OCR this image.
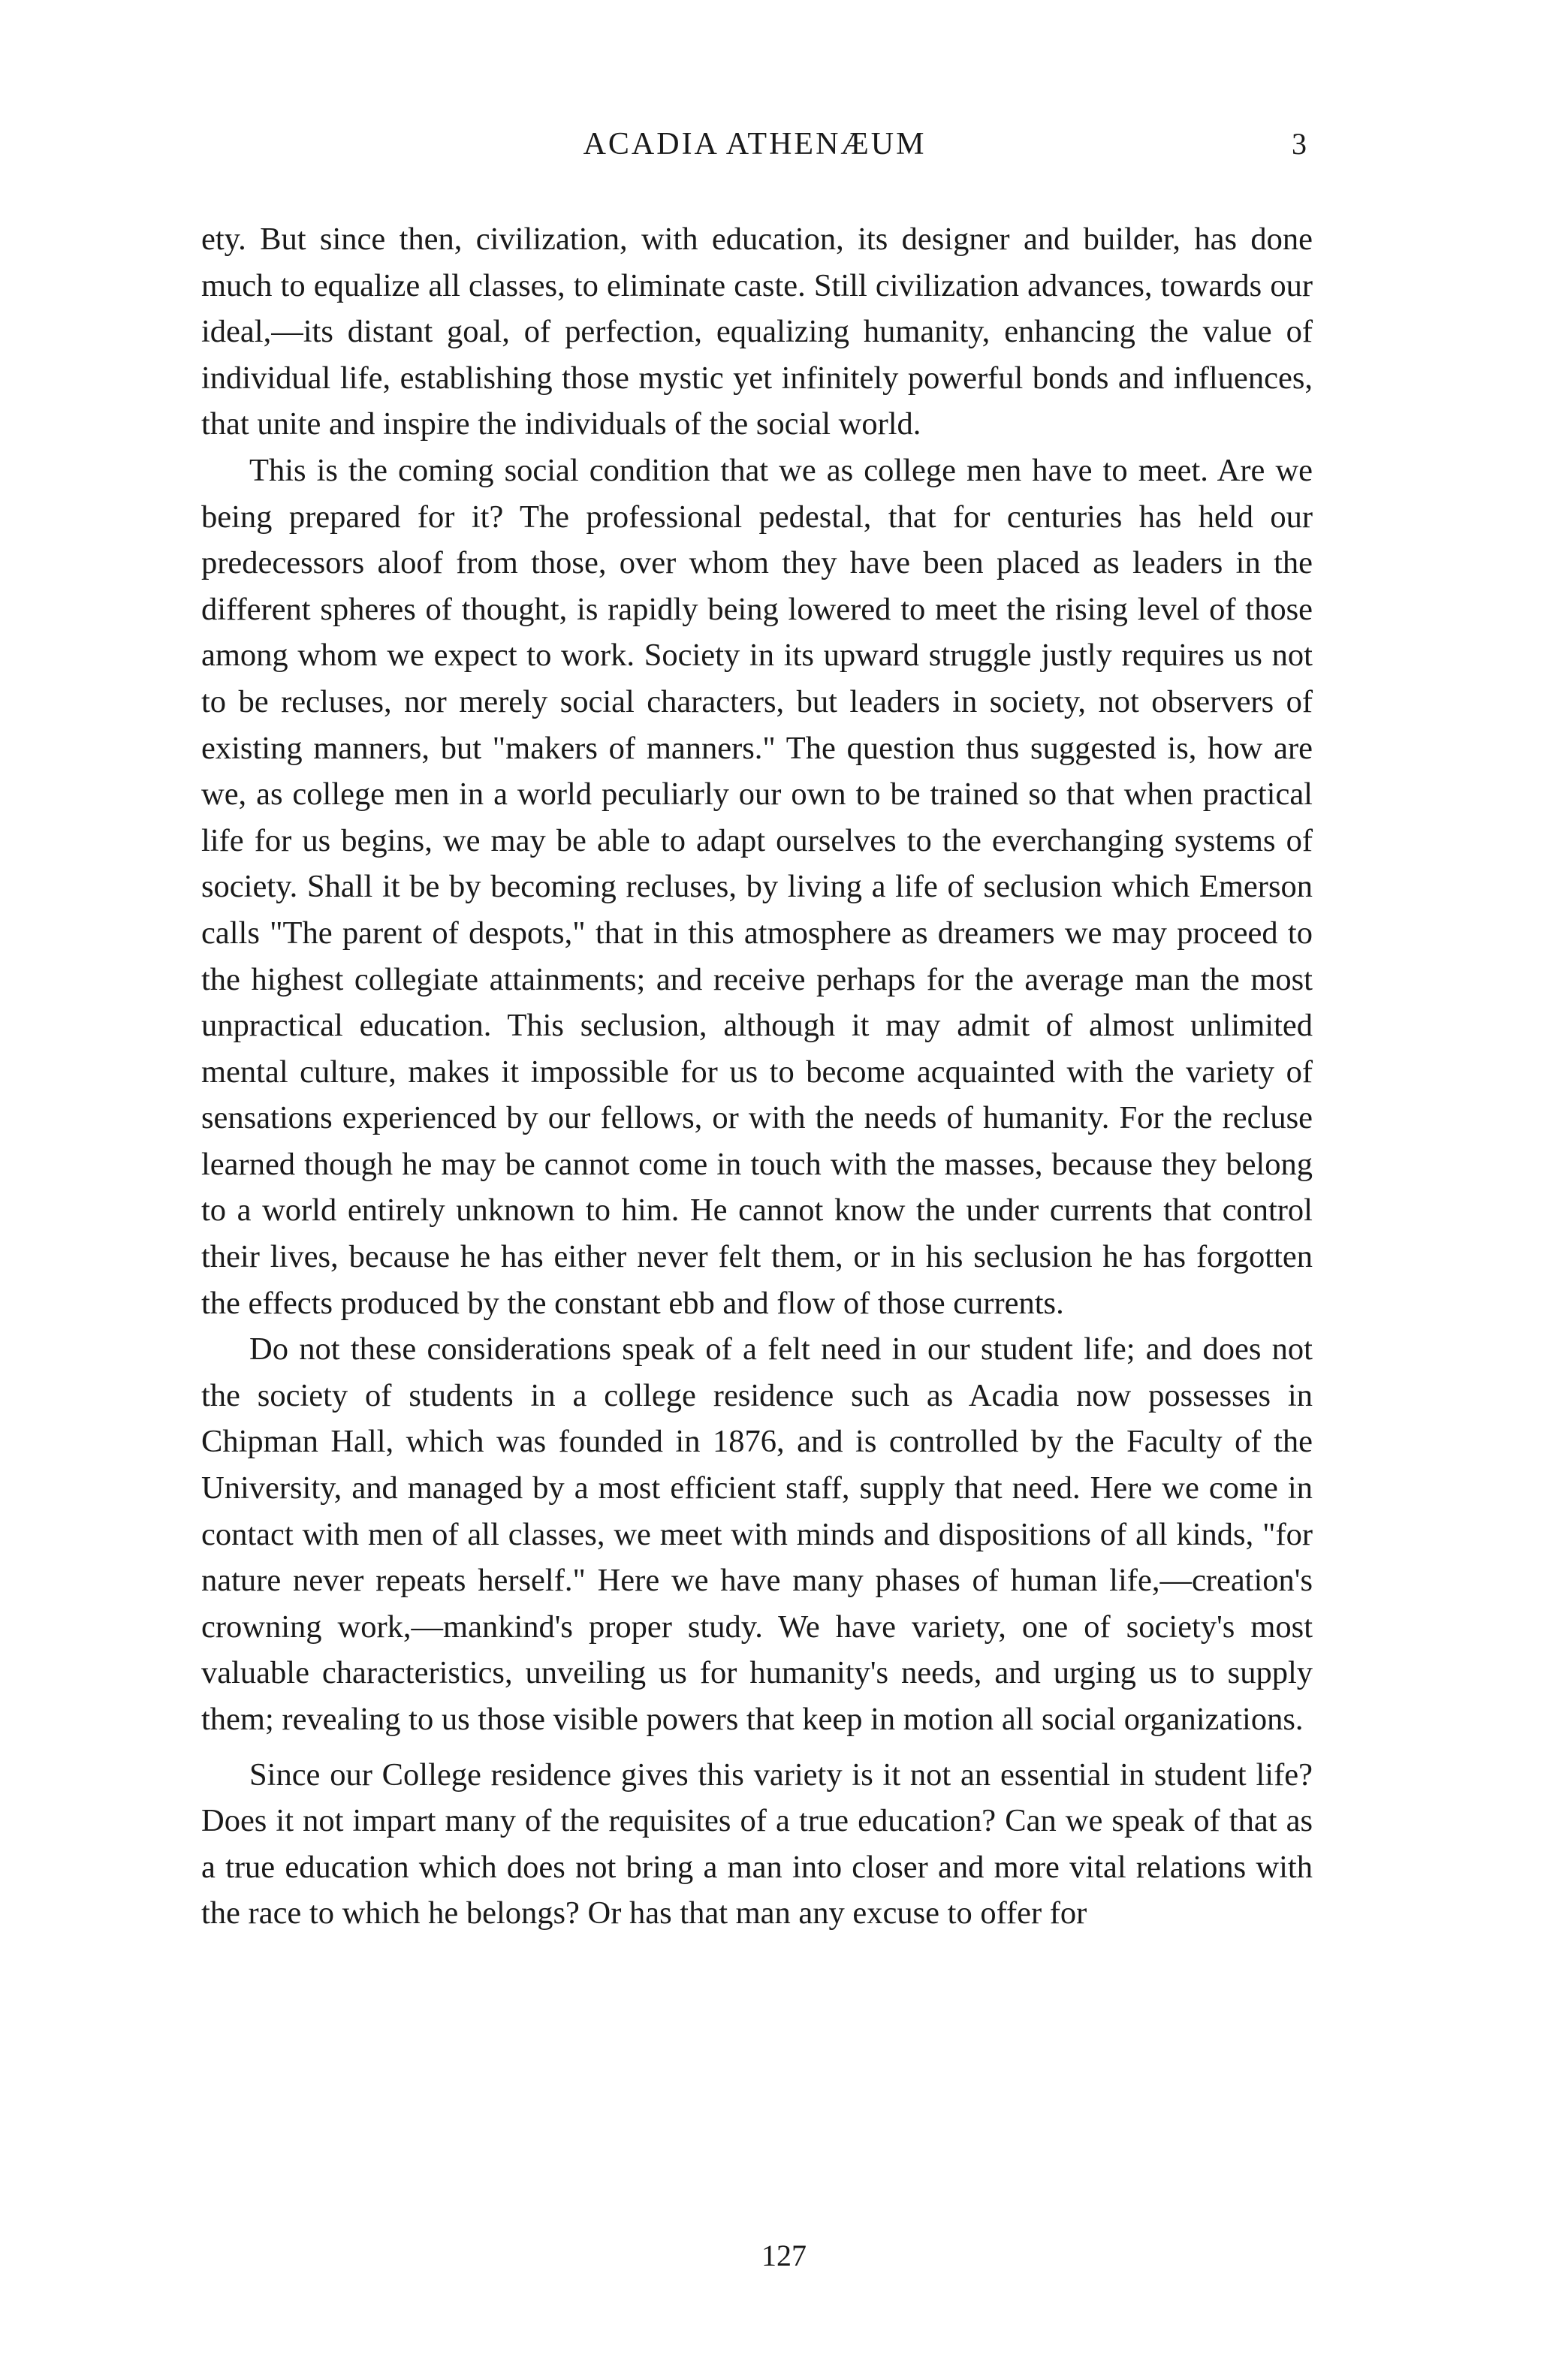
ACADIA ATHENÆUM	3

ety. But since then, civilization, with education, its designer and builder, has done much to equalize all classes, to eliminate caste. Still civilization advances, towards our ideal,—its distant goal, of perfection, equalizing humanity, enhancing the value of individual life, establishing those mystic yet infinitely powerful bonds and influences, that unite and inspire the individuals of the social world.

This is the coming social condition that we as college men have to meet. Are we being prepared for it? The professional pedestal, that for centuries has held our predecessors aloof from those, over whom they have been placed as leaders in the different spheres of thought, is rapidly being lowered to meet the rising level of those among whom we expect to work. Society in its upward struggle justly requires us not to be recluses, nor merely social characters, but leaders in society, not observers of existing manners, but "makers of manners." The question thus suggested is, how are we, as college men in a world peculiarly our own to be trained so that when practical life for us begins, we may be able to adapt ourselves to the everchanging systems of society. Shall it be by becoming recluses, by living a life of seclusion which Emerson calls "The parent of despots," that in this atmosphere as dreamers we may proceed to the highest collegiate attainments; and receive perhaps for the average man the most unpractical education. This seclusion, although it may admit of almost unlimited mental culture, makes it impossible for us to become acquainted with the variety of sensations experienced by our fellows, or with the needs of humanity. For the recluse learned though he may be cannot come in touch with the masses, because they belong to a world entirely unknown to him. He cannot know the under currents that control their lives, because he has either never felt them, or in his seclusion he has forgotten the effects produced by the constant ebb and flow of those currents.

Do not these considerations speak of a felt need in our student life; and does not the society of students in a college residence such as Acadia now possesses in Chipman Hall, which was founded in 1876, and is controlled by the Faculty of the University, and managed by a most efficient staff, supply that need. Here we come in contact with men of all classes, we meet with minds and dispositions of all kinds, "for nature never repeats herself." Here we have many phases of human life,—creation's crowning work,—mankind's proper study. We have variety, one of society's most valuable characteristics, unveiling us for humanity's needs, and urging us to supply them; revealing to us those visible powers that keep in motion all social organizations.

Since our College residence gives this variety is it not an essential in student life? Does it not impart many of the requisites of a true education? Can we speak of that as a true education which does not bring a man into closer and more vital relations with the race to which he belongs? Or has that man any excuse to offer for

127
